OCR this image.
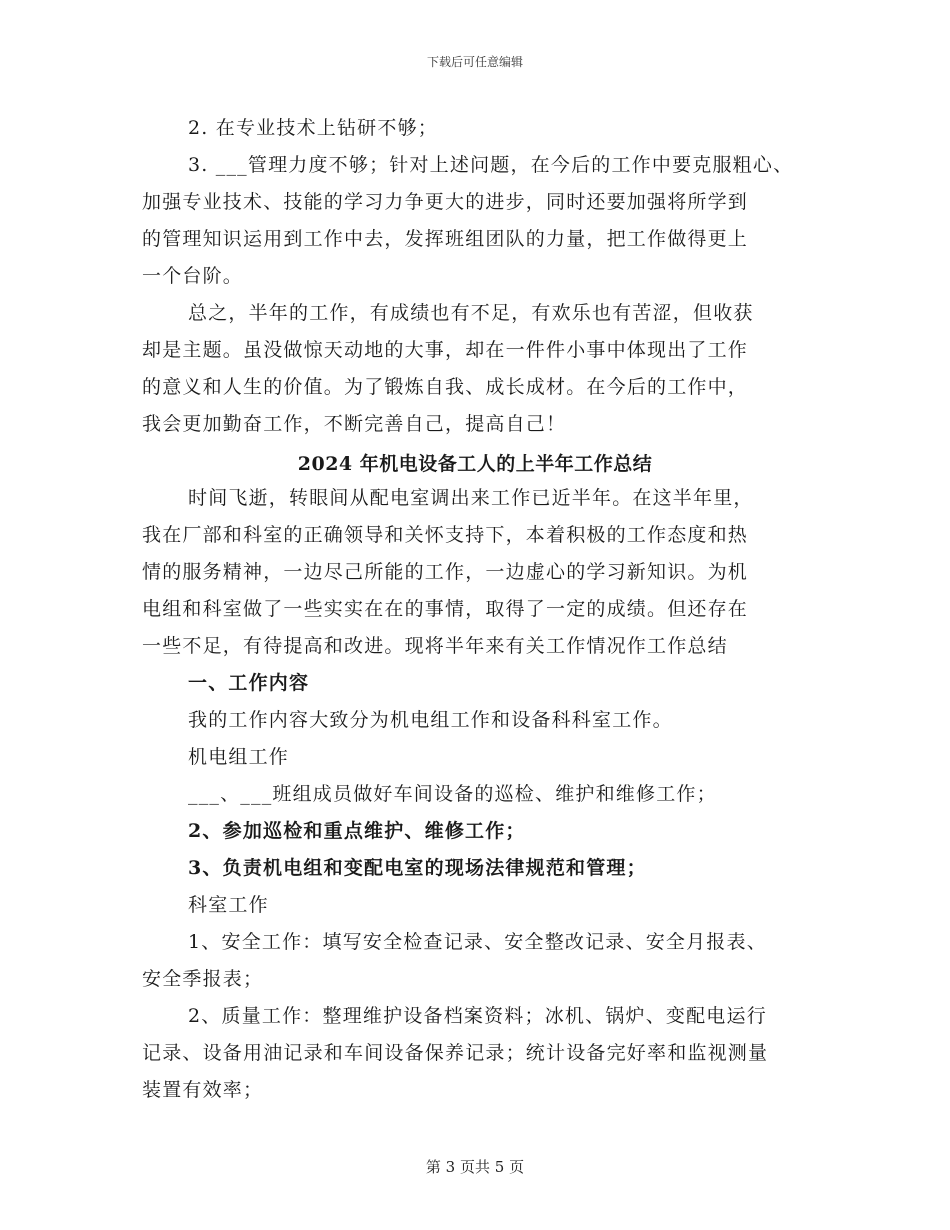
下载后可任意编辑
2. 在专业技术上钻研不够；
3. ___管理力度不够；针对上述问题，在今后的工作中要克服粗心、
加强专业技术、技能的学习力争更大的进步，同时还要加强将所学到
的管理知识运用到工作中去，发挥班组团队的力量，把工作做得更上
一个台阶。
总之，半年的工作，有成绩也有不足，有欢乐也有苦涩，但收获
却是主题。虽没做惊天动地的大事，却在一件件小事中体现出了工作
的意义和人生的价值。为了锻炼自我、成长成材。在今后的工作中，
我会更加勤奋工作，不断完善自己，提高自己！
2024 年机电设备工人的上半年工作总结
时间飞逝，转眼间从配电室调出来工作已近半年。在这半年里，
我在厂部和科室的正确领导和关怀支持下，本着积极的工作态度和热
情的服务精神，一边尽己所能的工作，一边虚心的学习新知识。为机
电组和科室做了一些实实在在的事情，取得了一定的成绩。但还存在
一些不足，有待提高和改进。现将半年来有关工作情况作工作总结
一、工作内容
我的工作内容大致分为机电组工作和设备科科室工作。
机电组工作
___、___班组成员做好车间设备的巡检、维护和维修工作；
2、参加巡检和重点维护、维修工作；
3、负责机电组和变配电室的现场法律规范和管理；
科室工作
1、安全工作：填写安全检查记录、安全整改记录、安全月报表、
安全季报表；
2、质量工作：整理维护设备档案资料；冰机、锅炉、变配电运行
记录、设备用油记录和车间设备保养记录；统计设备完好率和监视测量
装置有效率；
第 3 页共 5 页
